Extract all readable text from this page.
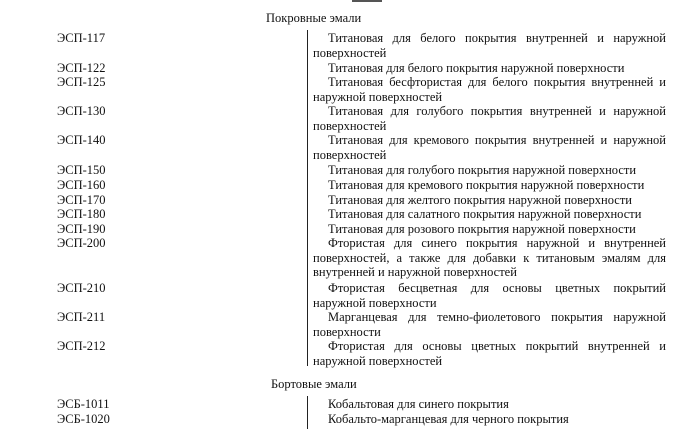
Покровные эмали
ЭСП-117	Титановая для белого покрытия внутренней и наружной поверхностей
ЭСП-122	Титановая для белого покрытия наружной поверхности
ЭСП-125	Титановая бесфтористая для белого покрытия внутренней и наружной поверхностей
ЭСП-130	Титановая для голубого покрытия внутренней и наружной поверхностей
ЭСП-140	Титановая для кремового покрытия внутренней и наружной поверхностей
ЭСП-150	Титановая для голубого покрытия наружной поверхности
ЭСП-160	Титановая для кремового покрытия наружной поверхности
ЭСП-170	Титановая для желтого покрытия наружной поверхности
ЭСП-180	Титановая для салатного покрытия наружной поверхности
ЭСП-190	Титановая для розового покрытия наружной поверхности
ЭСП-200	Фтористая для синего покрытия наружной и внутренней поверхностей, а также для добавки к титановым эмалям для внутренней и наружной поверхностей
ЭСП-210	Фтористая бесцветная для основы цветных покрытий наружной поверхности
ЭСП-211	Марганцевая для темно-фиолетового покрытия наружной поверхности
ЭСП-212	Фтористая для основы цветных покрытий внутренней и наружной поверхностей
Бортовые эмали
ЭСБ-1011	Кобальтовая для синего покрытия
ЭСБ-1020	Кобальто-марганцевая для черного покрытия
